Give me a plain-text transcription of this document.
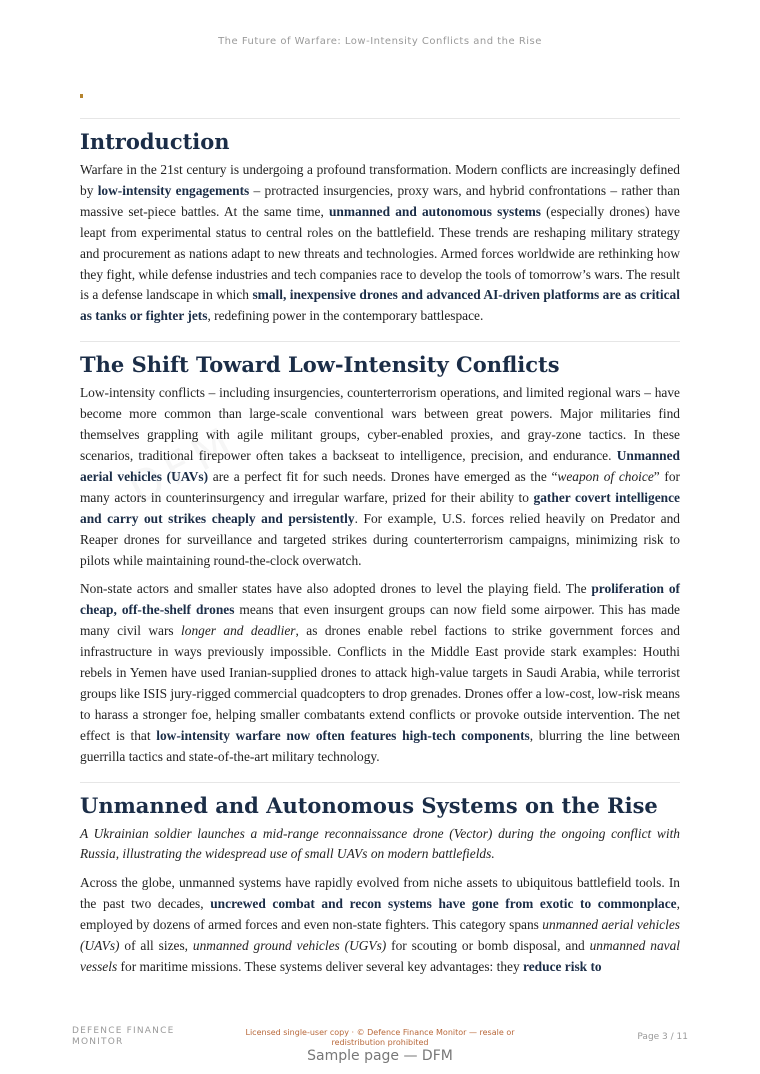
The Future of Warfare: Low-Intensity Conflicts and the Rise
Introduction

Warfare in the 21st century is undergoing a profound transformation. Modern conflicts are increasingly defined by low-intensity engagements – protracted insurgencies, proxy wars, and hybrid confrontations – rather than massive set-piece battles. At the same time, unmanned and autonomous systems (especially drones) have leapt from experimental status to central roles on the battlefield. These trends are reshaping military strategy and procurement as nations adapt to new threats and technologies. Armed forces worldwide are rethinking how they fight, while defense industries and tech companies race to develop the tools of tomorrow’s wars. The result is a defense landscape in which small, inexpensive drones and advanced AI-driven platforms are as critical as tanks or fighter jets, redefining power in the contemporary battlespace.

The Shift Toward Low-Intensity Conflicts

Low-intensity conflicts – including insurgencies, counterterrorism operations, and limited regional wars – have become more common than large-scale conventional wars between great powers. Major militaries find themselves grappling with agile militant groups, cyber-enabled proxies, and gray-zone tactics. In these scenarios, traditional firepower often takes a backseat to intelligence, precision, and endurance. Unmanned aerial vehicles (UAVs) are a perfect fit for such needs. Drones have emerged as the “weapon of choice” for many actors in counterinsurgency and irregular warfare, prized for their ability to gather covert intelligence and carry out strikes cheaply and persistently. For example, U.S. forces relied heavily on Predator and Reaper drones for surveillance and targeted strikes during counterterrorism campaigns, minimizing risk to pilots while maintaining round-the-clock overwatch.

Non-state actors and smaller states have also adopted drones to level the playing field. The proliferation of cheap, off-the-shelf drones means that even insurgent groups can now field some airpower. This has made many civil wars longer and deadlier, as drones enable rebel factions to strike government forces and infrastructure in ways previously impossible. Conflicts in the Middle East provide stark examples: Houthi rebels in Yemen have used Iranian-supplied drones to attack high-value targets in Saudi Arabia, while terrorist groups like ISIS jury-rigged commercial quadcopters to drop grenades. Drones offer a low-cost, low-risk means to harass a stronger foe, helping smaller combatants extend conflicts or provoke outside intervention. The net effect is that low-intensity warfare now often features high-tech components, blurring the line between guerrilla tactics and state-of-the-art military technology.

Unmanned and Autonomous Systems on the Rise

A Ukrainian soldier launches a mid-range reconnaissance drone (Vector) during the ongoing conflict with Russia, illustrating the widespread use of small UAVs on modern battlefields.

Across the globe, unmanned systems have rapidly evolved from niche assets to ubiquitous battlefield tools. In the past two decades, uncrewed combat and recon systems have gone from exotic to commonplace, employed by dozens of armed forces and even non-state fighters. This category spans unmanned aerial vehicles (UAVs) of all sizes, unmanned ground vehicles (UGVs) for scouting or bomb disposal, and unmanned naval vessels for maritime missions. These systems deliver several key advantages: they reduce risk to

DEFENCE FINANCE MONITOR
Licensed single-user copy · © Defence Finance Monitor — resale or redistribution prohibited
Page 3 / 11
Sample page — DFM
